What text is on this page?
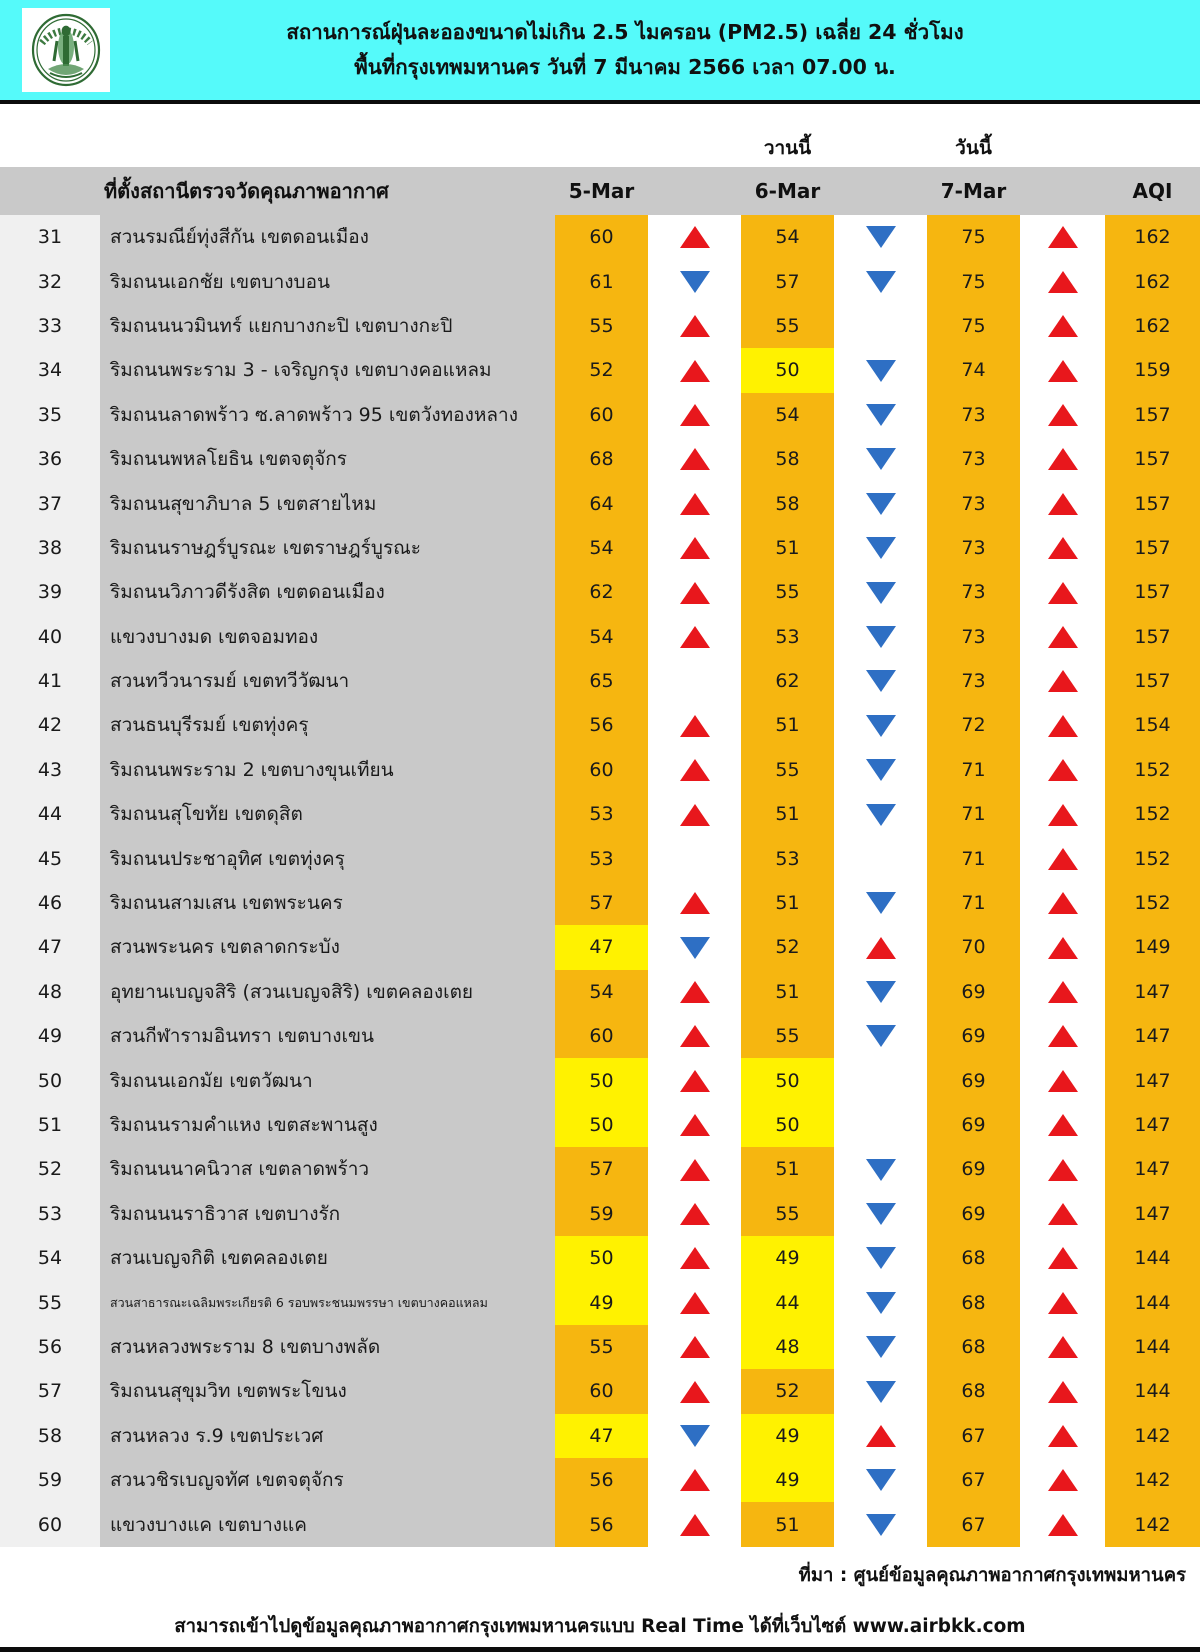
สถานการณ์ฝุ่นละอองขนาดไม่เกิน 2.5 ไมครอน (PM2.5) เฉลี่ย 24 ชั่วโมง
พื้นที่กรุงเทพมหานคร วันที่ 7 มีนาคม 2566 เวลา 07.00 น.
				วานนี้		วันนี้		
	ที่ตั้งสถานีตรวจวัดคุณภาพอากาศ	5-Mar		6-Mar		7-Mar		AQI
31	สวนรมณีย์ทุ่งสีกัน เขตดอนเมือง	60		54		75		162
32	ริมถนนเอกชัย เขตบางบอน	61		57		75		162
33	ริมถนนนวมินทร์ แยกบางกะปิ เขตบางกะปิ	55		55		75		162
34	ริมถนนพระราม 3 - เจริญกรุง เขตบางคอแหลม	52		50		74		159
35	ริมถนนลาดพร้าว ซ.ลาดพร้าว 95 เขตวังทองหลาง	60		54		73		157
36	ริมถนนพหลโยธิน เขตจตุจักร	68		58		73		157
37	ริมถนนสุขาภิบาล 5 เขตสายไหม	64		58		73		157
38	ริมถนนราษฎร์บูรณะ เขตราษฎร์บูรณะ	54		51		73		157
39	ริมถนนวิภาวดีรังสิต เขตดอนเมือง	62		55		73		157
40	แขวงบางมด เขตจอมทอง	54		53		73		157
41	สวนทวีวนารมย์ เขตทวีวัฒนา	65		62		73		157
42	สวนธนบุรีรมย์ เขตทุ่งครุ	56		51		72		154
43	ริมถนนพระราม 2 เขตบางขุนเทียน	60		55		71		152
44	ริมถนนสุโขทัย เขตดุสิต	53		51		71		152
45	ริมถนนประชาอุทิศ เขตทุ่งครุ	53		53		71		152
46	ริมถนนสามเสน เขตพระนคร	57		51		71		152
47	สวนพระนคร เขตลาดกระบัง	47		52		70		149
48	อุทยานเบญจสิริ (สวนเบญจสิริ) เขตคลองเตย	54		51		69		147
49	สวนกีฬารามอินทรา เขตบางเขน	60		55		69		147
50	ริมถนนเอกมัย เขตวัฒนา	50		50		69		147
51	ริมถนนรามคำแหง เขตสะพานสูง	50		50		69		147
52	ริมถนนนาคนิวาส เขตลาดพร้าว	57		51		69		147
53	ริมถนนนราธิวาส เขตบางรัก	59		55		69		147
54	สวนเบญจกิติ เขตคลองเตย	50		49		68		144
55	สวนสาธารณะเฉลิมพระเกียรติ 6 รอบพระชนมพรรษา เขตบางคอแหลม	49		44		68		144
56	สวนหลวงพระราม 8 เขตบางพลัด	55		48		68		144
57	ริมถนนสุขุมวิท เขตพระโขนง	60		52		68		144
58	สวนหลวง ร.9 เขตประเวศ	47		49		67		142
59	สวนวชิรเบญจทัศ เขตจตุจักร	56		49		67		142
60	แขวงบางแค เขตบางแค	56		51		67		142
ที่มา : ศูนย์ข้อมูลคุณภาพอากาศกรุงเทพมหานคร
สามารถเข้าไปดูข้อมูลคุณภาพอากาศกรุงเทพมหานครแบบ Real Time ได้ที่เว็บไซต์ www.airbkk.com
